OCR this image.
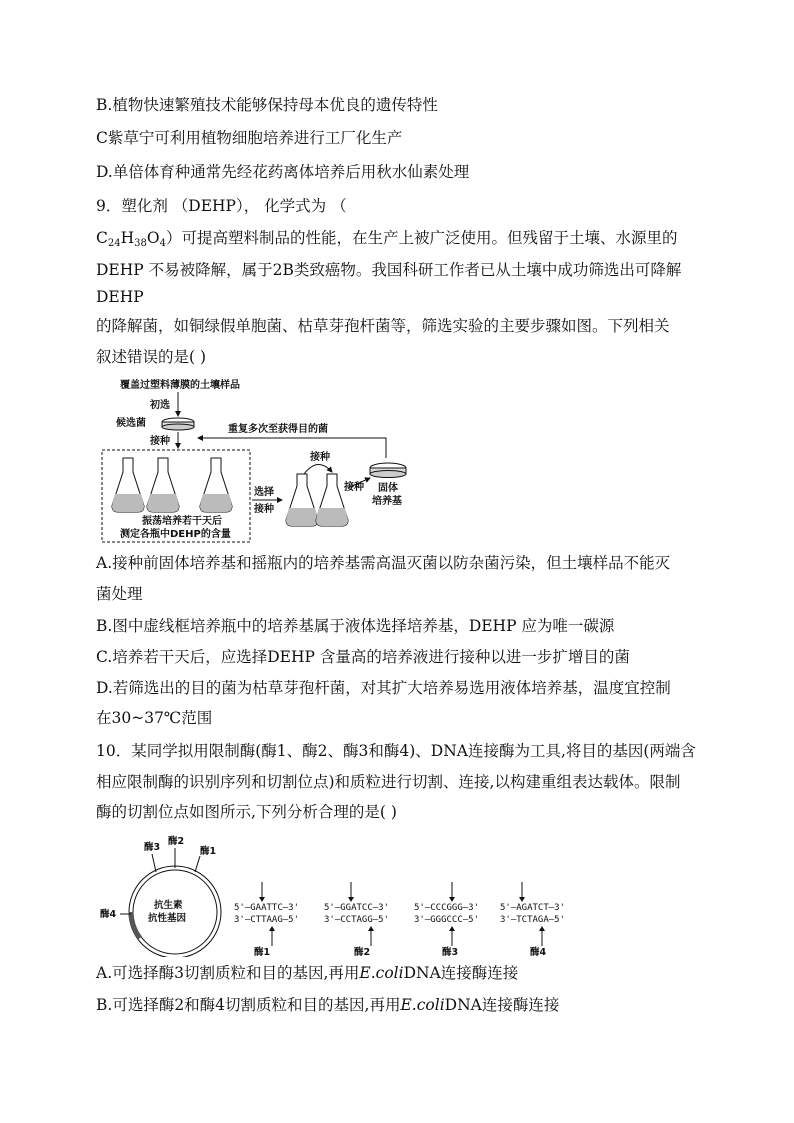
B.植物快速繁殖技术能够保持母本优良的遗传特性
C紫草宁可利用植物细胞培养进行工厂化生产
D.单倍体育种通常先经花药离体培养后用秋水仙素处理
9．塑化剂 （DEHP）， 化学式为 （
$C_{24}H_{38}O_4$）可提高塑料制品的性能，在生产上被广泛使用。但残留于土壤、水源里的
DEHP 不易被降解，属于2B类致癌物。我国科研工作者已从土壤中成功筛选出可降解
DEHP
的降解菌，如铜绿假单胞菌、枯草芽孢杆菌等，筛选实验的主要步骤如图。下列相关
叙述错误的是( )
覆盖过塑料薄膜的土壤样品
初选
候选菌
接种
重复多次至获得目的菌
振荡培养若干天后
测定各瓶中DEHP的含量
选择
接种
接种
接种 固体
培养基
A.接种前固体培养基和摇瓶内的培养基需高温灭菌以防杂菌污染，但土壤样品不能灭
菌处理
B.图中虚线框培养瓶中的培养基属于液体选择培养基，DEHP 应为唯一碳源
C.培养若干天后，应选择DEHP 含量高的培养液进行接种以进一步扩增目的菌
D.若筛选出的目的菌为枯草芽孢杆菌，对其扩大培养易选用液体培养基，温度宜控制
在30~37℃范围
10．某同学拟用限制酶(酶1、酶2、酶3和酶4)、DNA连接酶为工具,将目的基因(两端含
相应限制酶的识别序列和切割位点)和质粒进行切割、连接,以构建重组表达载体。限制
酶的切割位点如图所示,下列分析合理的是( )
酶3
酶2
酶1
酶4
抗生素
抗性基因
5'—GAATTC—3'
3'—CTTAAG—5'
酶1
5'—GGATCC—3'
3'—CCTAGG—5'
酶2
5'—CCCGGG—3'
3'—GGGCCC—5'
酶3
5'—AGATCT—3'
3'—TCTAGA—5'
酶4
A.可选择酶3切割质粒和目的基因,再用E.coliDNA连接酶连接
B.可选择酶2和酶4切割质粒和目的基因,再用E.coliDNA连接酶连接
